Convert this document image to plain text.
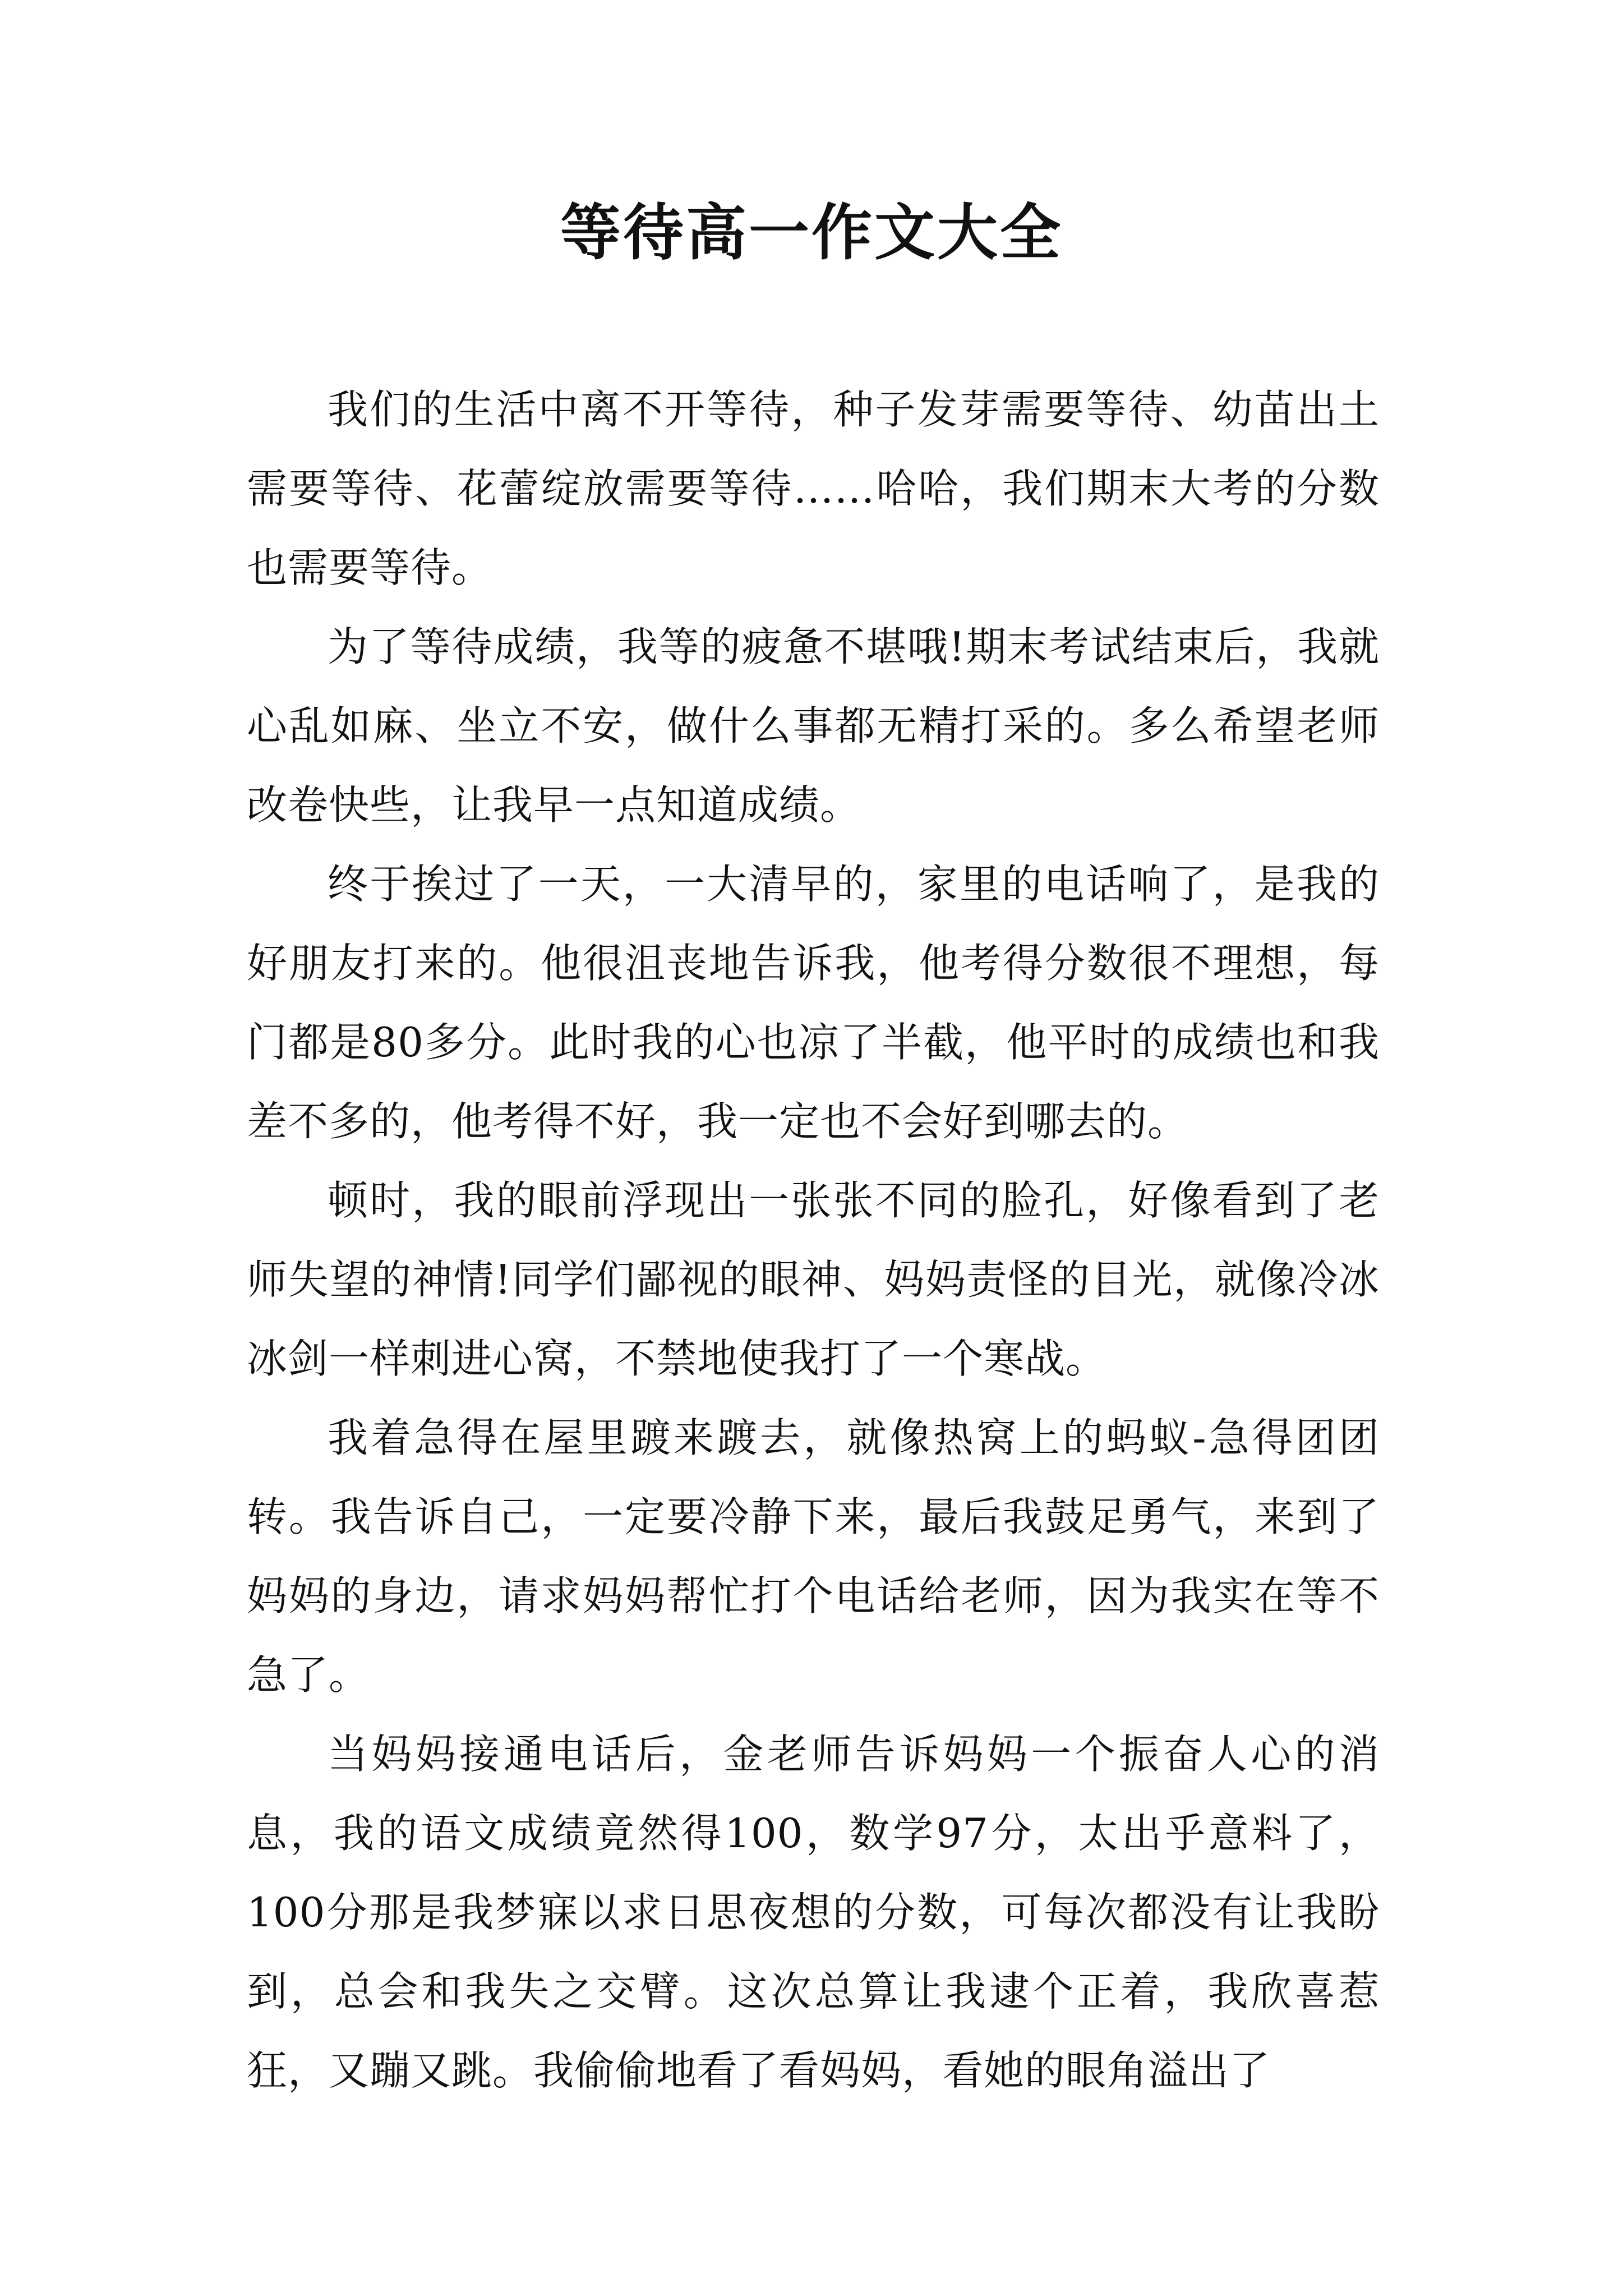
等待高一作文大全

我们的生活中离不开等待，种子发芽需要等待、幼苗出土需要等待、花蕾绽放需要等待……哈哈，我们期末大考的分数也需要等待。

为了等待成绩，我等的疲惫不堪哦!期末考试结束后，我就心乱如麻、坐立不安，做什么事都无精打采的。多么希望老师改卷快些，让我早一点知道成绩。

终于挨过了一天，一大清早的，家里的电话响了，是我的好朋友打来的。他很沮丧地告诉我，他考得分数很不理想，每门都是80多分。此时我的心也凉了半截，他平时的成绩也和我差不多的，他考得不好，我一定也不会好到哪去的。

顿时，我的眼前浮现出一张张不同的脸孔，好像看到了老师失望的神情!同学们鄙视的眼神、妈妈责怪的目光，就像冷冰冰剑一样刺进心窝，不禁地使我打了一个寒战。

我着急得在屋里踱来踱去，就像热窝上的蚂蚁-急得团团转。我告诉自己，一定要冷静下来，最后我鼓足勇气，来到了妈妈的身边，请求妈妈帮忙打个电话给老师，因为我实在等不急了。

当妈妈接通电话后，金老师告诉妈妈一个振奋人心的消息，我的语文成绩竟然得100，数学97分，太出乎意料了，100分那是我梦寐以求日思夜想的分数，可每次都没有让我盼到，总会和我失之交臂。这次总算让我逮个正着，我欣喜惹狂，又蹦又跳。我偷偷地看了看妈妈，看她的眼角溢出了
